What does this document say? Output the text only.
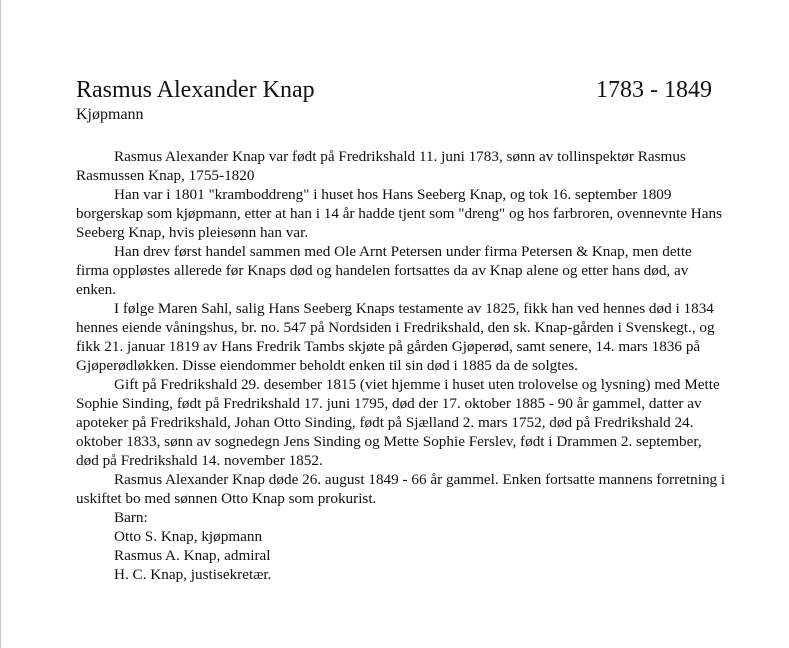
Rasmus Alexander Knap	1783 - 1849
Kjøpmann

Rasmus Alexander Knap var født på Fredrikshald 11. juni 1783, sønn av tollinspektør Rasmus Rasmussen Knap, 1755-1820

Han var i 1801 "kramboddreng" i huset hos Hans Seeberg Knap, og tok 16. september 1809 borgerskap som kjøpmann, etter at han i 14 år hadde tjent som "dreng" og hos farbroren, ovennevnte Hans Seeberg Knap, hvis pleiesønn han var.

Han drev først handel sammen med Ole Arnt Petersen under firma Petersen & Knap, men dette firma oppløstes allerede før Knaps død og handelen fortsattes da av Knap alene og etter hans død, av enken.

I følge Maren Sahl, salig Hans Seeberg Knaps testamente av 1825, fikk han ved hennes død i 1834 hennes eiende våningshus, br. no. 547 på Nordsiden i Fredrikshald, den sk. Knap-gården i Svenskegt., og fikk 21. januar 1819 av Hans Fredrik Tambs skjøte på gården Gjøperød, samt senere, 14. mars 1836 på Gjøperødløkken. Disse eiendommer beholdt enken til sin død i 1885 da de solgtes.

Gift på Fredrikshald 29. desember 1815 (viet hjemme i huset uten trolovelse og lysning) med Mette Sophie Sinding, født på Fredrikshald 17. juni 1795, død der 17. oktober 1885 - 90 år gammel, datter av apoteker på Fredrikshald, Johan Otto Sinding, født på Sjælland 2. mars 1752, død på Fredrikshald 24. oktober 1833, sønn av sognedegn Jens Sinding og Mette Sophie Ferslev, født i Drammen 2. september, død på Fredrikshald 14. november 1852.

Rasmus Alexander Knap døde 26. august 1849 - 66 år gammel. Enken fortsatte mannens forretning i uskiftet bo med sønnen Otto Knap som prokurist.

Barn:
Otto S. Knap, kjøpmann
Rasmus A. Knap, admiral
H. C. Knap, justisekretær.
